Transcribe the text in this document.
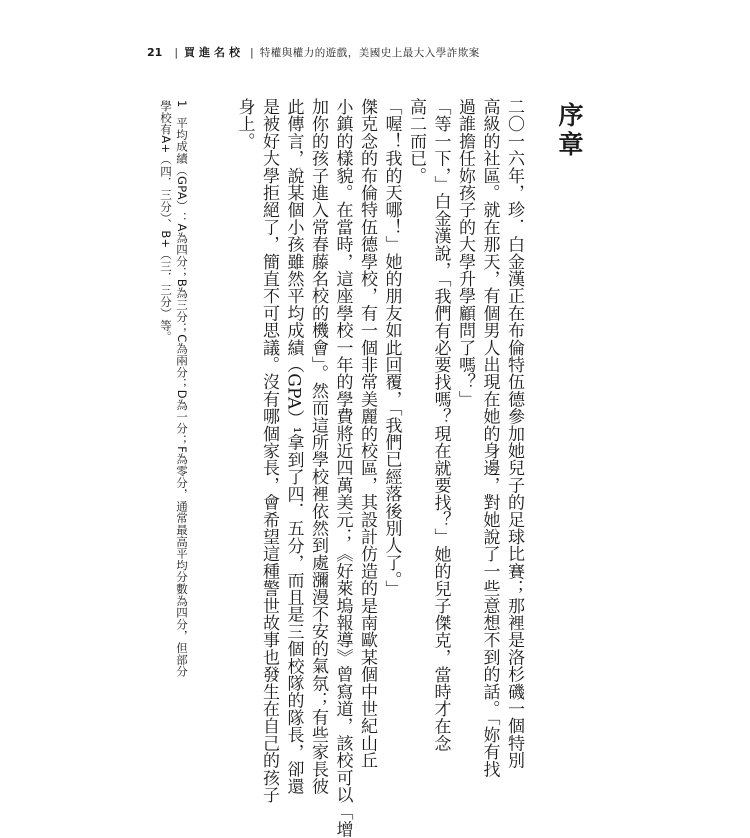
21 | 買進名校 | 特權與權力的遊戲，美國史上最大入學詐欺案
序章
二〇一六年，珍．白金漢正在布倫特伍德參加她兒子的足球比賽；那裡是洛杉磯一個特別
高級的社區。就在那天，有個男人出現在她的身邊，對她說了一些意想不到的話。「妳有找
過誰擔任妳孩子的大學升學顧問了嗎？」
「等一下，」白金漢說，「我們有必要找嗎？現在就要找？」她的兒子傑克，當時才在念
高二而已。
「喔！我的天哪！」她的朋友如此回覆，「我們已經落後別人了。」
傑克念的布倫特伍德學校，有一個非常美麗的校區，其設計仿造的是南歐某個中世紀山丘
小鎮的樣貌。在當時，這座學校一年的學費將近四萬美元；《好萊塢報導》曾寫道，該校可以「增
加你的孩子進入常春藤名校的機會」。然而這所學校裡依然到處瀰漫不安的氣氛；有些家長彼
此傳言，說某個小孩雖然平均成績（GPA）¹拿到了四．五分，而且是三個校隊的隊長，卻還
是被好大學拒絕了，簡直不可思議。沒有哪個家長，會希望這種警世故事也發生在自己的孩子
身上。
1
平均成績（GPA）：A為四分；B為三分；C為兩分；D為一分；F為零分，通常最高平均分數為四分，但部分
學校有A+（四．三分）、B+（三．三分）等。
